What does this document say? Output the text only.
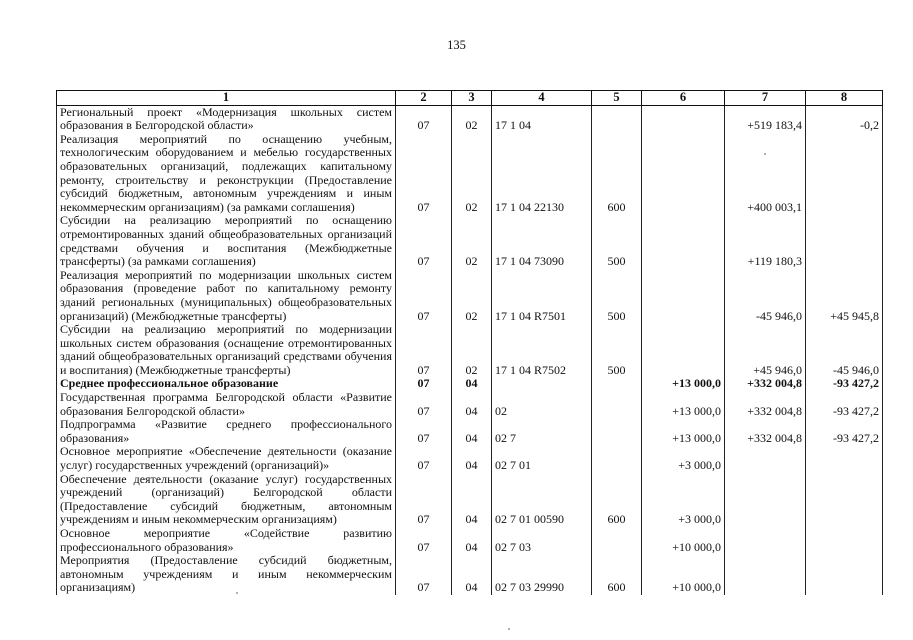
135
1	2	3	4	5	6	7	8
Региональный проект «Модернизация школьных систем образования в Белгородской области»	07	02	17 1 04			+519 183,4	-0,2
Реализация мероприятий по оснащению учебным, технологическим оборудованием и мебелью государственных образовательных организаций, подлежащих капитальному ремонту, строительству и реконструкции (Предоставление субсидий бюджетным, автономным учреждениям и иным некоммерческим организациям) (за рамками соглашения)	07	02	17 1 04 22130	600		+400 003,1	
Субсидии на реализацию мероприятий по оснащению отремонтированных зданий общеобразовательных организаций средствами обучения и воспитания (Межбюджетные трансферты) (за рамками соглашения)	07	02	17 1 04 73090	500		+119 180,3	
Реализация мероприятий по модернизации школьных систем образования (проведение работ по капитальному ремонту зданий региональных (муниципальных) общеобразовательных организаций) (Межбюджетные трансферты)	07	02	17 1 04 R7501	500		-45 946,0	+45 945,8
Субсидии на реализацию мероприятий по модернизации школьных систем образования (оснащение отремонтированных зданий общеобразовательных организаций средствами обучения и воспитания) (Межбюджетные трансферты)	07	02	17 1 04 R7502	500		+45 946,0	-45 946,0
Среднее профессиональное образование	07	04			+13 000,0	+332 004,8	-93 427,2
Государственная программа Белгородской области «Развитие образования Белгородской области»	07	04	02		+13 000,0	+332 004,8	-93 427,2
Подпрограмма «Развитие среднего профессионального образования»	07	04	02 7		+13 000,0	+332 004,8	-93 427,2
Основное мероприятие «Обеспечение деятельности (оказание услуг) государственных учреждений (организаций)»	07	04	02 7 01		+3 000,0		
Обеспечение деятельности (оказание услуг) государственных учреждений (организаций) Белгородской области (Предоставление субсидий бюджетным, автономным учреждениям и иным некоммерческим организациям)	07	04	02 7 01 00590	600	+3 000,0		
Основное мероприятие «Содействие развитию профессионального образования»	07	04	02 7 03		+10 000,0		
Мероприятия (Предоставление субсидий бюджетным, автономным учреждениям и иным некоммерческим организациям)	07	04	02 7 03 29990	600	+10 000,0		
